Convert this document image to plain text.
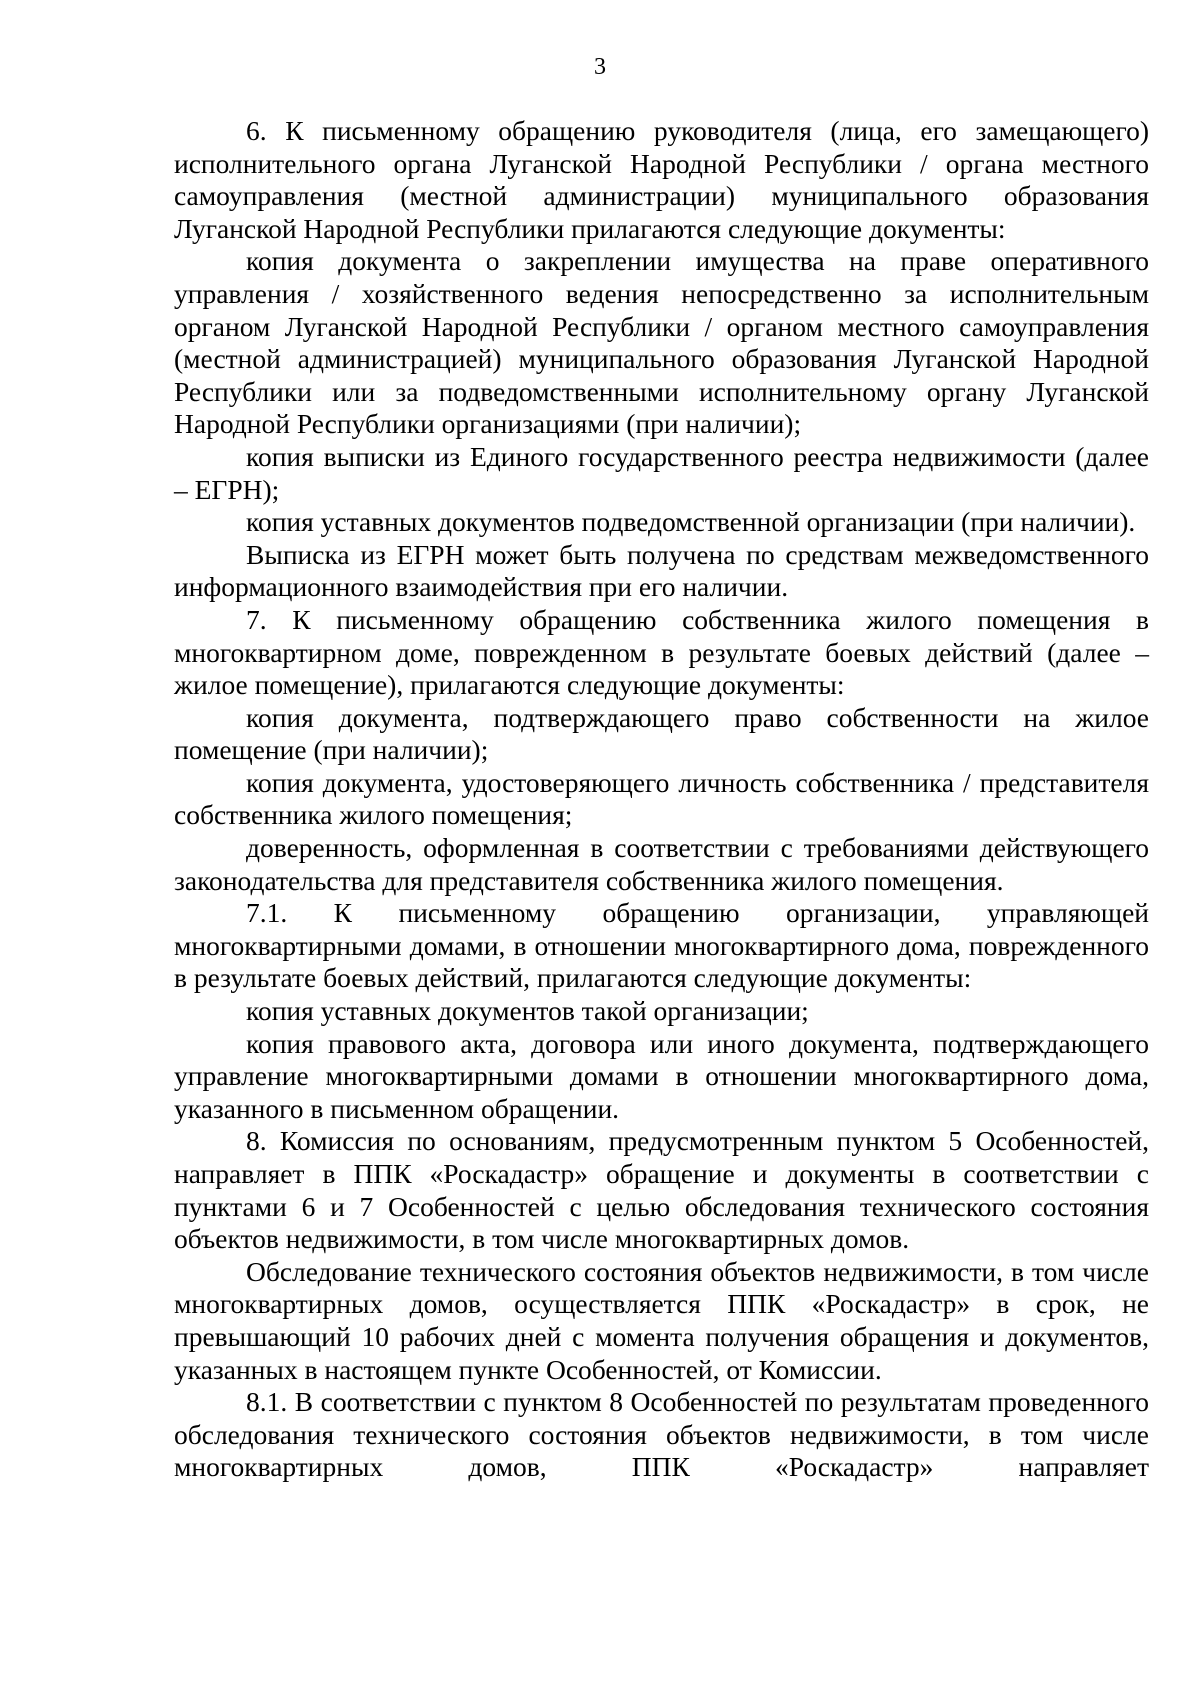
3

6. К письменному обращению руководителя (лица, его замещающего) исполнительного органа Луганской Народной Республики / органа местного самоуправления (местной администрации) муниципального образования Луганской Народной Республики прилагаются следующие документы:

копия документа о закреплении имущества на праве оперативного управления / хозяйственного ведения непосредственно за исполнительным органом Луганской Народной Республики / органом местного самоуправления (местной администрацией) муниципального образования Луганской Народной Республики или за подведомственными исполнительному органу Луганской Народной Республики организациями (при наличии);

копия выписки из Единого государственного реестра недвижимости (далее – ЕГРН);

копия уставных документов подведомственной организации (при наличии).

Выписка из ЕГРН может быть получена по средствам межведомственного информационного взаимодействия при его наличии.

7. К письменному обращению собственника жилого помещения в многоквартирном доме, поврежденном в результате боевых действий (далее – жилое помещение), прилагаются следующие документы:

копия документа, подтверждающего право собственности на жилое помещение (при наличии);

копия документа, удостоверяющего личность собственника / представителя собственника жилого помещения;

доверенность, оформленная в соответствии с требованиями действующего законодательства для представителя собственника жилого помещения.

7.1. К письменному обращению организации, управляющей многоквартирными домами, в отношении многоквартирного дома, поврежденного в результате боевых действий, прилагаются следующие документы:

копия уставных документов такой организации;

копия правового акта, договора или иного документа, подтверждающего управление многоквартирными домами в отношении многоквартирного дома, указанного в письменном обращении.

8. Комиссия по основаниям, предусмотренным пунктом 5 Особенностей, направляет в ППК «Роскадастр» обращение и документы в соответствии с пунктами 6 и 7 Особенностей с целью обследования технического состояния объектов недвижимости, в том числе многоквартирных домов.

Обследование технического состояния объектов недвижимости, в том числе многоквартирных домов, осуществляется ППК «Роскадастр» в срок, не превышающий 10 рабочих дней с момента получения обращения и документов, указанных в настоящем пункте Особенностей, от Комиссии.

8.1. В соответствии с пунктом 8 Особенностей по результатам проведенного обследования технического состояния объектов недвижимости, в том числе многоквартирных домов, ППК «Роскадастр» направляет
